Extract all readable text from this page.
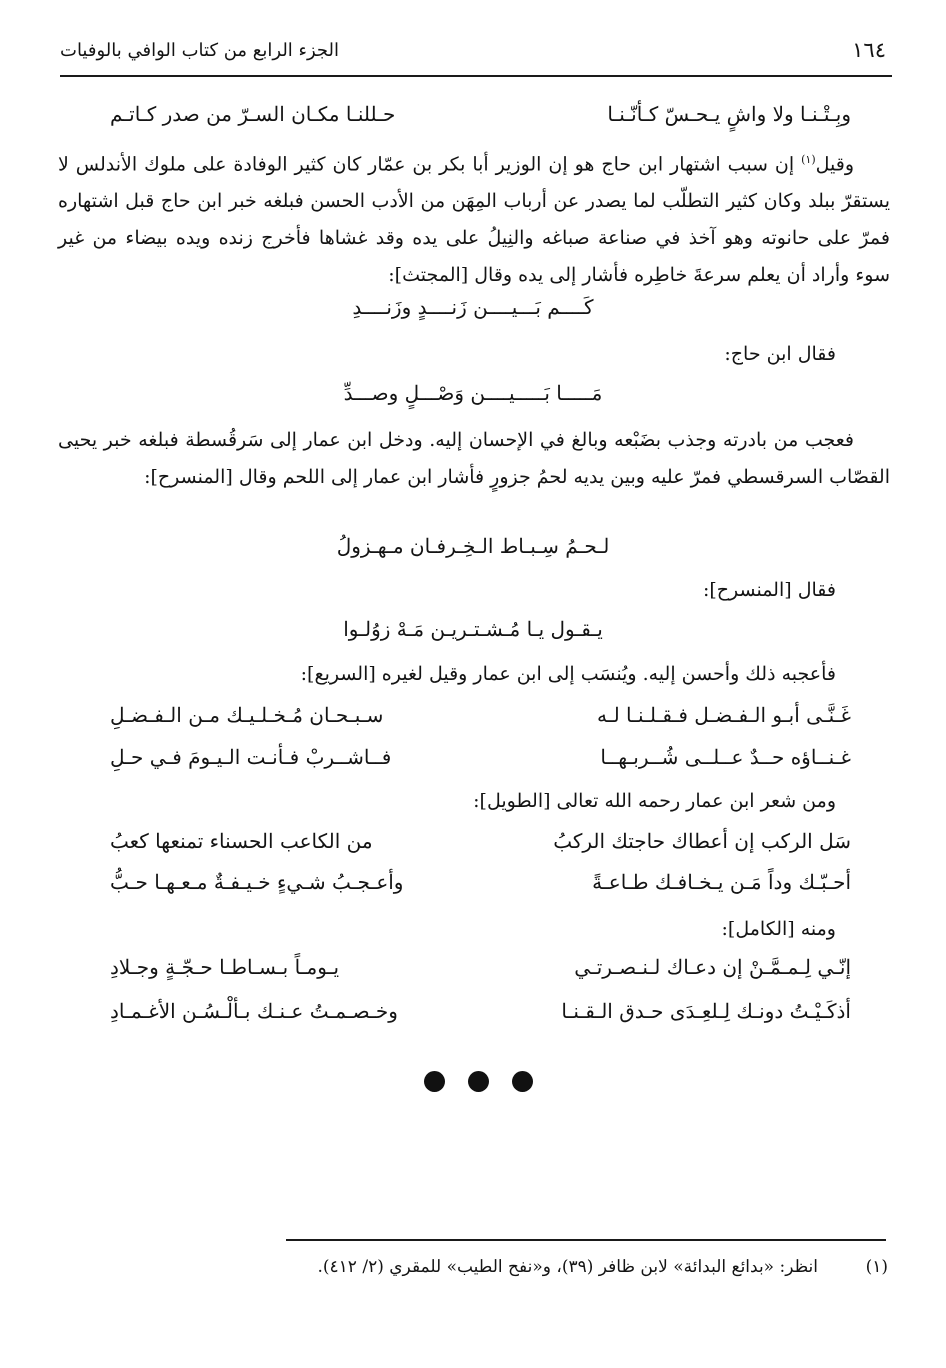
١٦٤
الجزء الرابع من كتاب الوافي بالوفيات
وبِـتْـنـا ولا واشٍ يـحـسّ كـأنّـنـا
حـللنـا مكـان السـرّ من صدر كـاتـم

وقيل$^{(١)}$ إن سبب اشتهار ابن حاج هو إن الوزير أبا بكر بن عمّار كان كثير الوفادة على ملوك الأندلس لا يستقرّ ببلد وكان كثير التطلّب لما يصدر عن أرباب المِهَن من الأدب الحسن فبلغه خبر ابن حاج قبل اشتهاره فمرّ على حانوته وهو آخذ في صناعة صباغه والنِيلُ على يده وقد غشاها فأخرج زنده ويده بيضاء من غير سوء وأراد أن يعلم سرعةَ خاطِره فأشار إلى يده وقال [المجتث]:

كَــــم بَـــيــــن زَنــــدٍ وزَنــــدِ
فقال ابن حاج:
مَـــــا بَـــــيــــن وَصْـــلٍ وصـــدِّ

فعجب من بادرته وجذب بضَبْعه وبالغ في الإحسان إليه. ودخل ابن عمار إلى سَرقُسطة فبلغه خبر يحيى القصّاب السرقسطي فمرّ عليه وبين يديه لحمُ جزورٍ فأشار ابن عمار إلى اللحم وقال [المنسرح]:

لـحـمُ سِـبـاط الـخِـرفـان مـهـزولُ
فقال [المنسرح]:
يـقـول يـا مُـشـتـريـن مَـهْ زوُلـوا
فأعجبه ذلك وأحسن إليه. ويُنسَب إلى ابن عمار وقيل لغيره [السريع]:
غَـنَّـى أبـو الـفـضـل فـقـلـنـا لـه
سـبـحـان مُـخـلـيـك مـن الـفـضـلِ
غـنــاؤه حــدٌ عــلــى شُــربـهــا
فــاشــربْ فـأنـت الـيـومَ فـي حـلِ
ومن شعر ابن عمار رحمه الله تعالى [الطويل]:
سَل الركب إن أعطاك حاجتك الركبُ
من الكاعب الحسناء تمنعها كعبُ
أحـبّـك وداً مَـن يـخـافـك طـاعـةً
وأعـجـبُ شـيءٍ خـيـفـةٌ مـعـهـا حـبُّ
ومنه [الكامل]:
إنّـي لِـمـمَّـنْ إن دعـاك لـنـصـرتـي
يـومـاً بـسـاطـا حـجّـةٍ وجـلادِ
أذكَـيْـتُ دونـك لِـلعِـدَى حـدق الـقـنـا
وخـصـمـتُ عـنـك بـألْـسُـن الأغـمـادِ
(١)
انظر: «بدائع البدائة» لابن ظافر (٣٩)، و«نفح الطيب» للمقري (٢/ ٤١٢).
